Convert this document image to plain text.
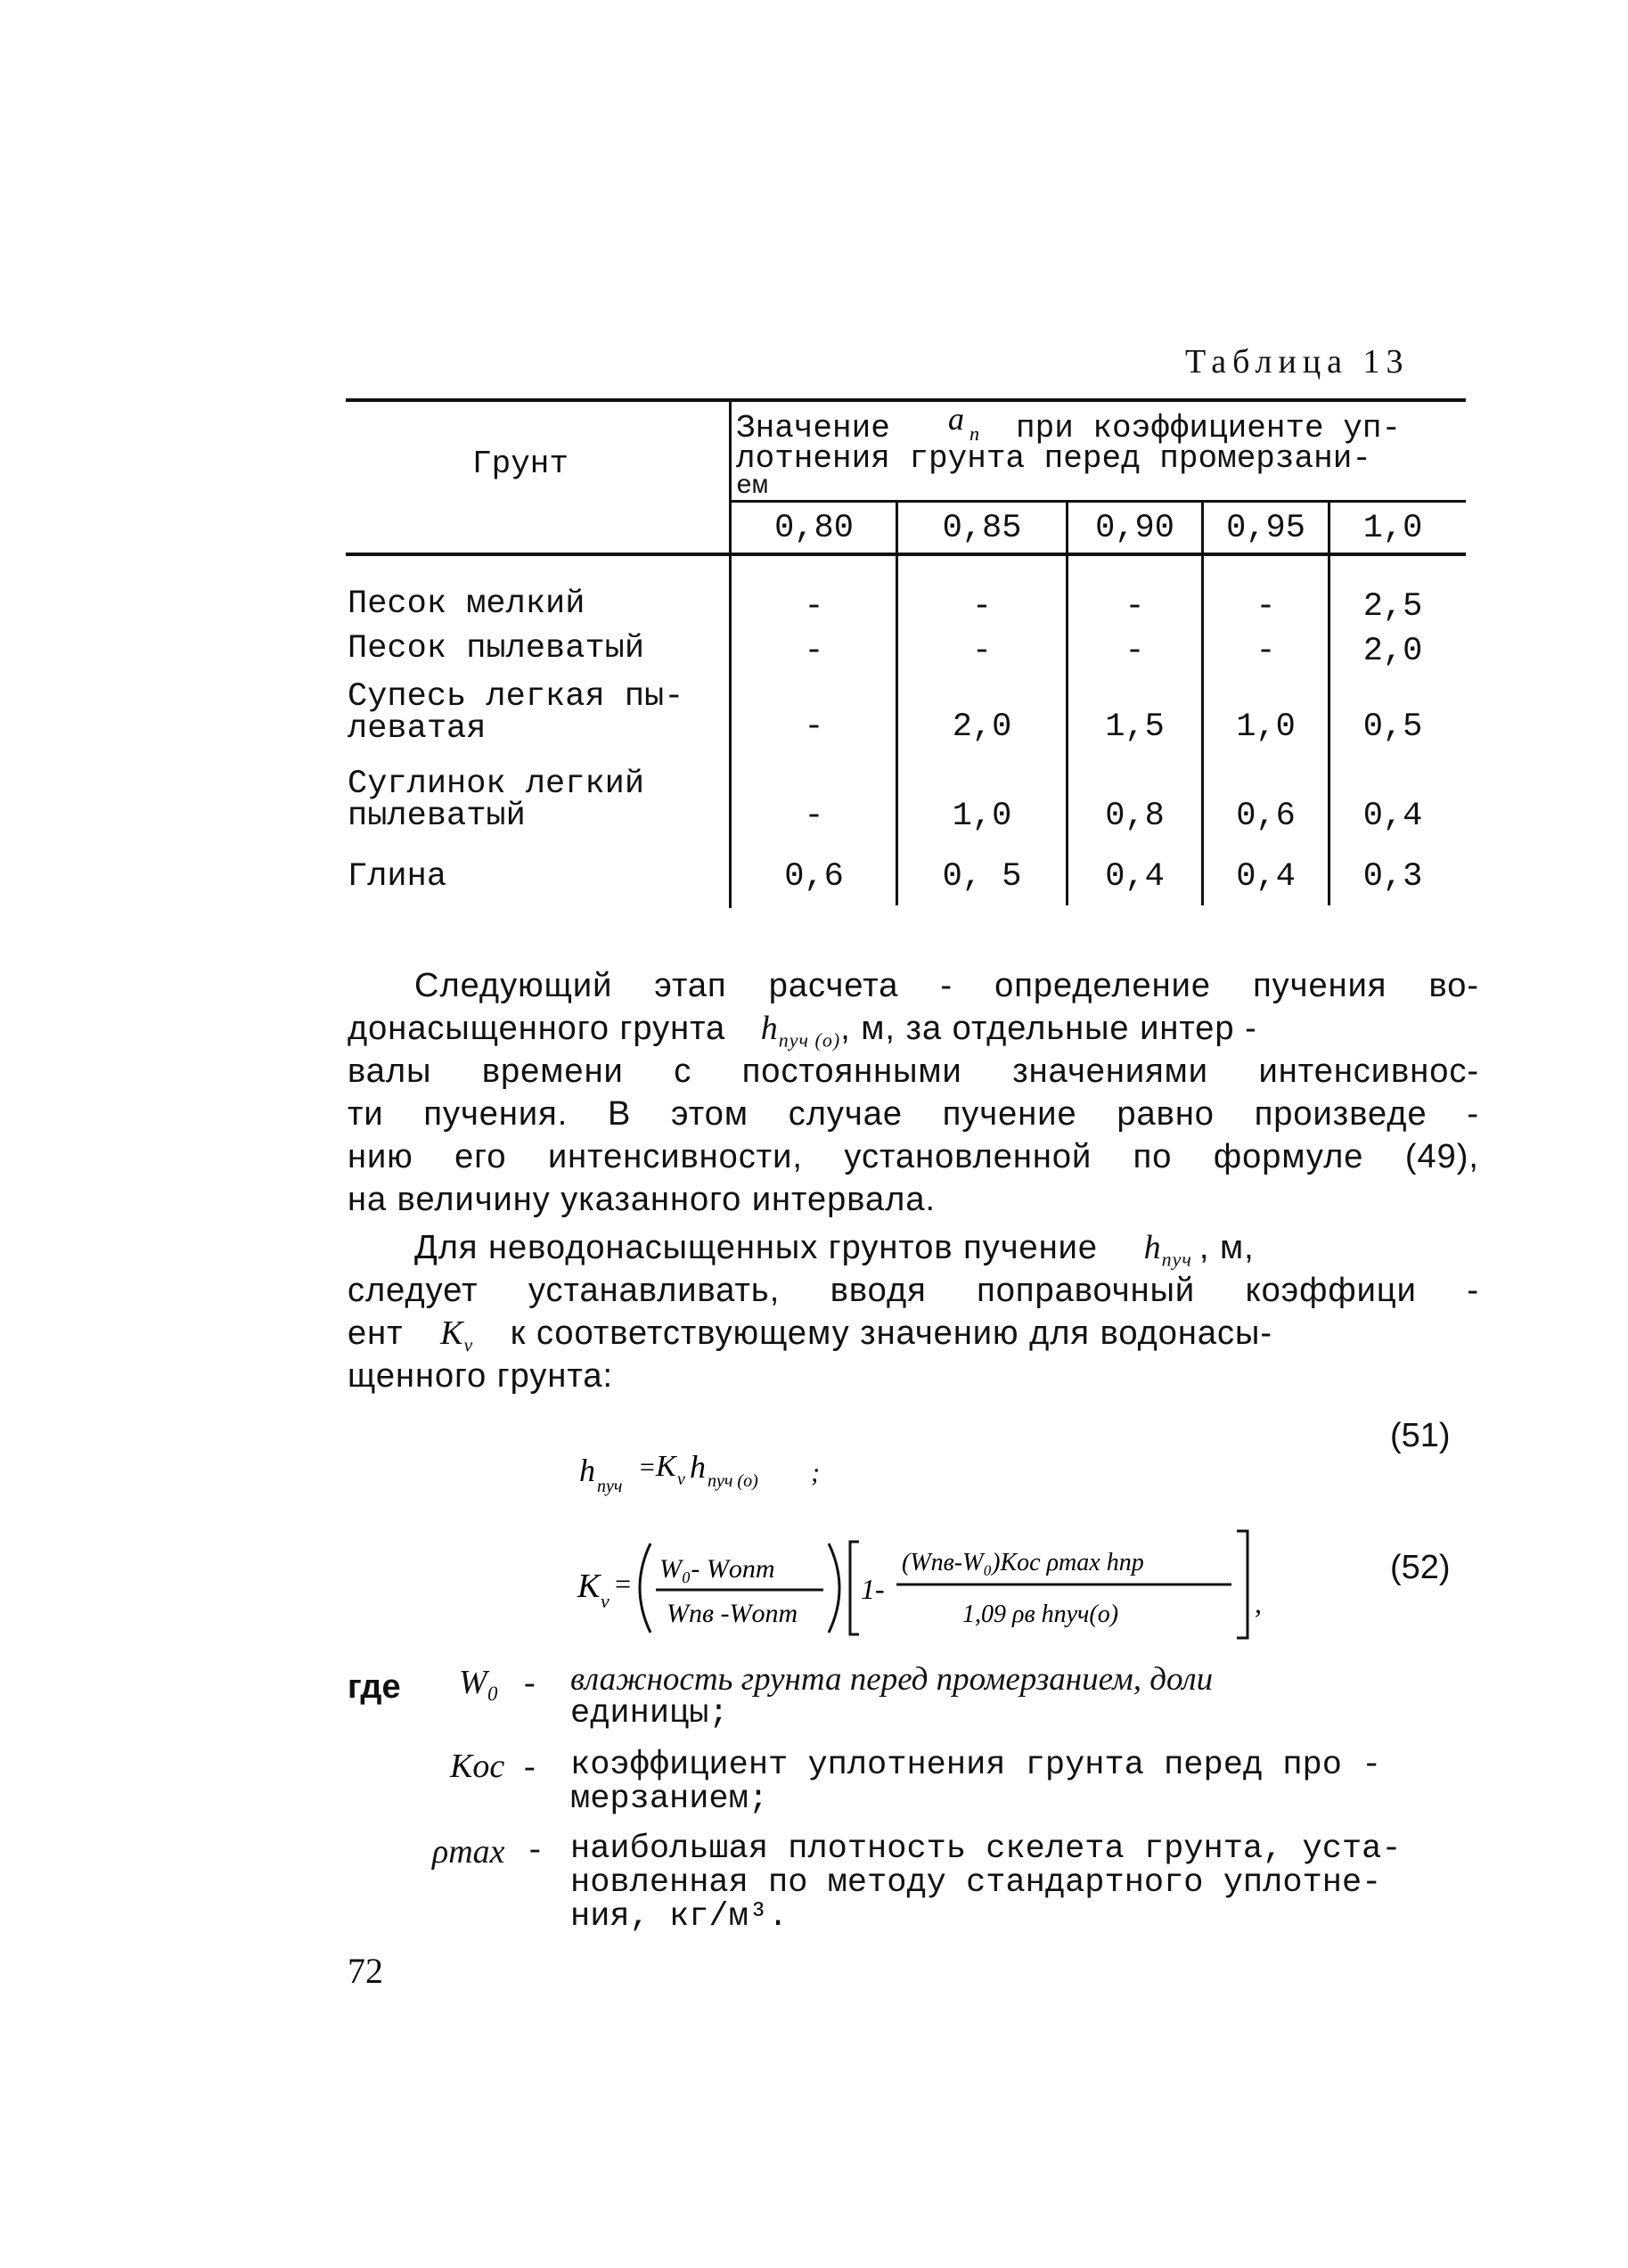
Таблица 13
Грунт
Значение a n при коэффициенте уп-
лотнения грунта перед промерзани-
ем
0,80	0,85	0,90	0,95	1,0
Песок мелкий	-	-	-	-	2,5
Песок пылеватый	-	-	-	-	2,0
Супесь легкая пы-
леватая	-	2,0	1,5	1,0	0,5
Суглинок легкий
пылеватый	-	1,0	0,8	0,6	0,4
Глина	0,6	0, 5	0,4	0,4	0,3
Следующий этап расчета - определение пучения во-
донасыщенного грунта $h_{пуч (о)}$, м, за отдельные интер -
валы времени с постоянными значениями интенсивнос-
ти пучения. В этом случае пучение равно произведе -
нию его интенсивности, установленной по формуле (49),
на величину указанного интервала.
Для неводонасыщенных грунтов пучение $h_{пуч}$ , м,
следует устанавливать, вводя поправочный коэффици -
ент $K_v$ к соответствующему значению для водонасы-
щенного грунта:
(51)
h пуч
= K v h пуч (о) ;
(52)
K v
= W₀- Wопт
Wпв -Wопт
1-
(Wпв-W₀)Kос ρmax hпр
1,09 ρв hпуч(о)	,
где W₀ - влажность грунта перед промерзанием, доли
единицы;
Kос - коэффициент уплотнения грунта перед про -
мерзанием;
ρmax - наибольшая плотность скелета грунта, уста-
новленная по методу стандартного уплотне-
ния, кг/м³.
72
